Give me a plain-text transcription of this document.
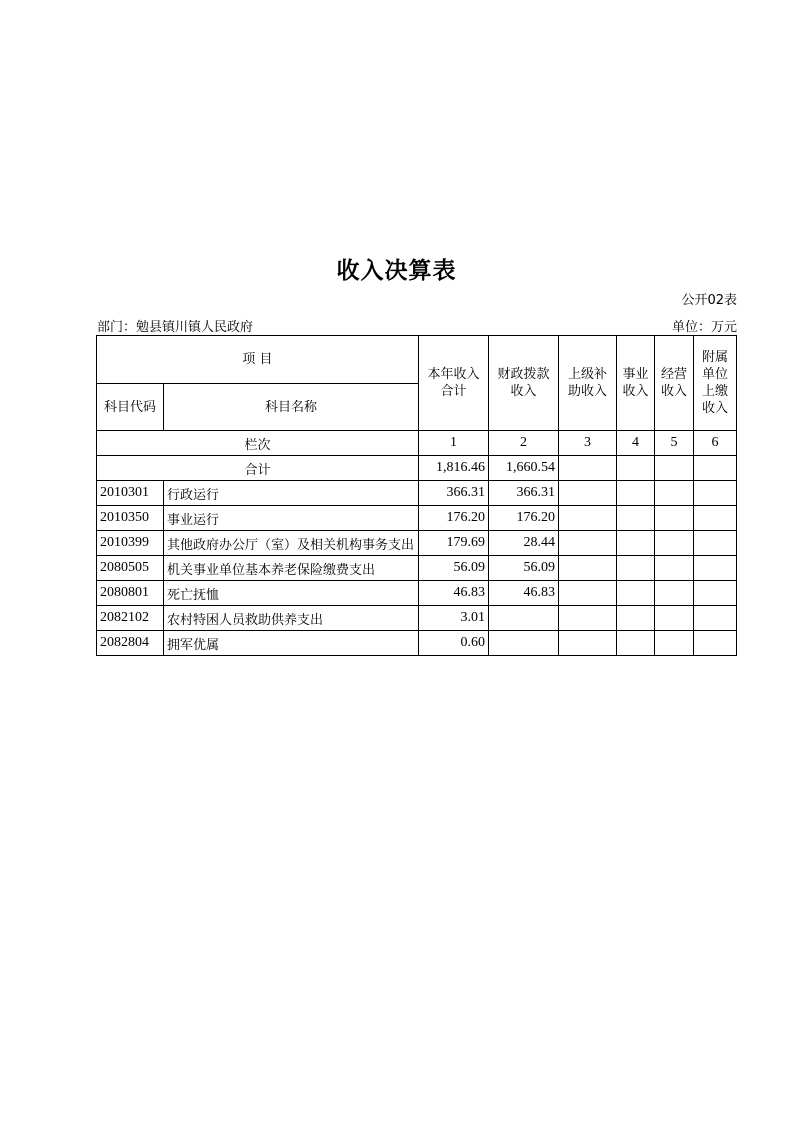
收入决算表
公开02表
部门：勉县镇川镇人民政府	单位：万元
项 目		本年收入合计	财政拨款收入	上级补助收入	事业收入	经营收入	附属单位上缴收入
科目代码	科目名称						
栏次		1	2	3	4	5	6
合计		1,816.46	1,660.54				
2010301	行政运行	366.31	366.31				
2010350	事业运行	176.20	176.20				
2010399	其他政府办公厅（室）及相关机构事务支出	179.69	28.44				
2080505	机关事业单位基本养老保险缴费支出	56.09	56.09				
2080801	死亡抚恤	46.83	46.83				
2082102	农村特困人员救助供养支出	3.01					
2082804	拥军优属	0.60					
